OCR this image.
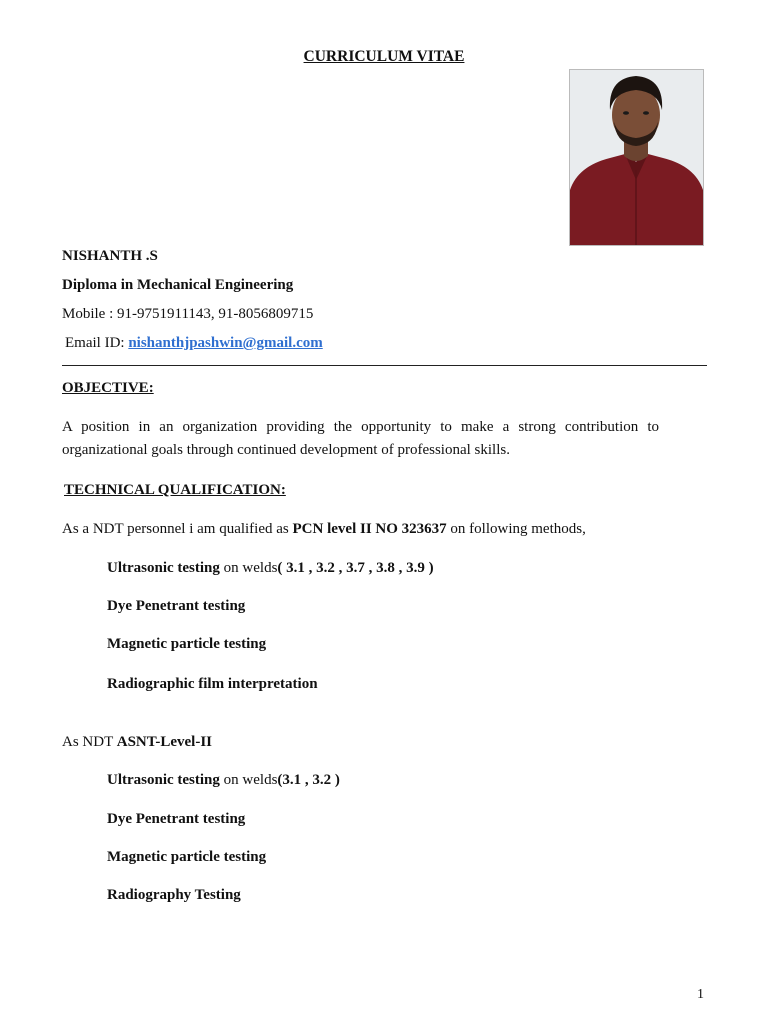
CURRICULUM VITAE
NISHANTH .S
Diploma in Mechanical Engineering
Mobile : 91-9751911143, 91-8056809715
Email ID: nishanthjpashwin@gmail.com
OBJECTIVE:
A position in an organization providing the opportunity to make a strong contribution to organizational goals through continued development of professional skills.
TECHNICAL QUALIFICATION:
As a NDT personnel i am qualified as PCN level II NO 323637 on following methods,
Ultrasonic testing on welds( 3.1 , 3.2 , 3.7 , 3.8 , 3.9 )
Dye Penetrant testing
Magnetic particle testing
Radiographic film interpretation
As NDT ASNT-Level-II
Ultrasonic testing on welds(3.1 , 3.2 )
Dye Penetrant testing
Magnetic particle testing
Radiography Testing
1
